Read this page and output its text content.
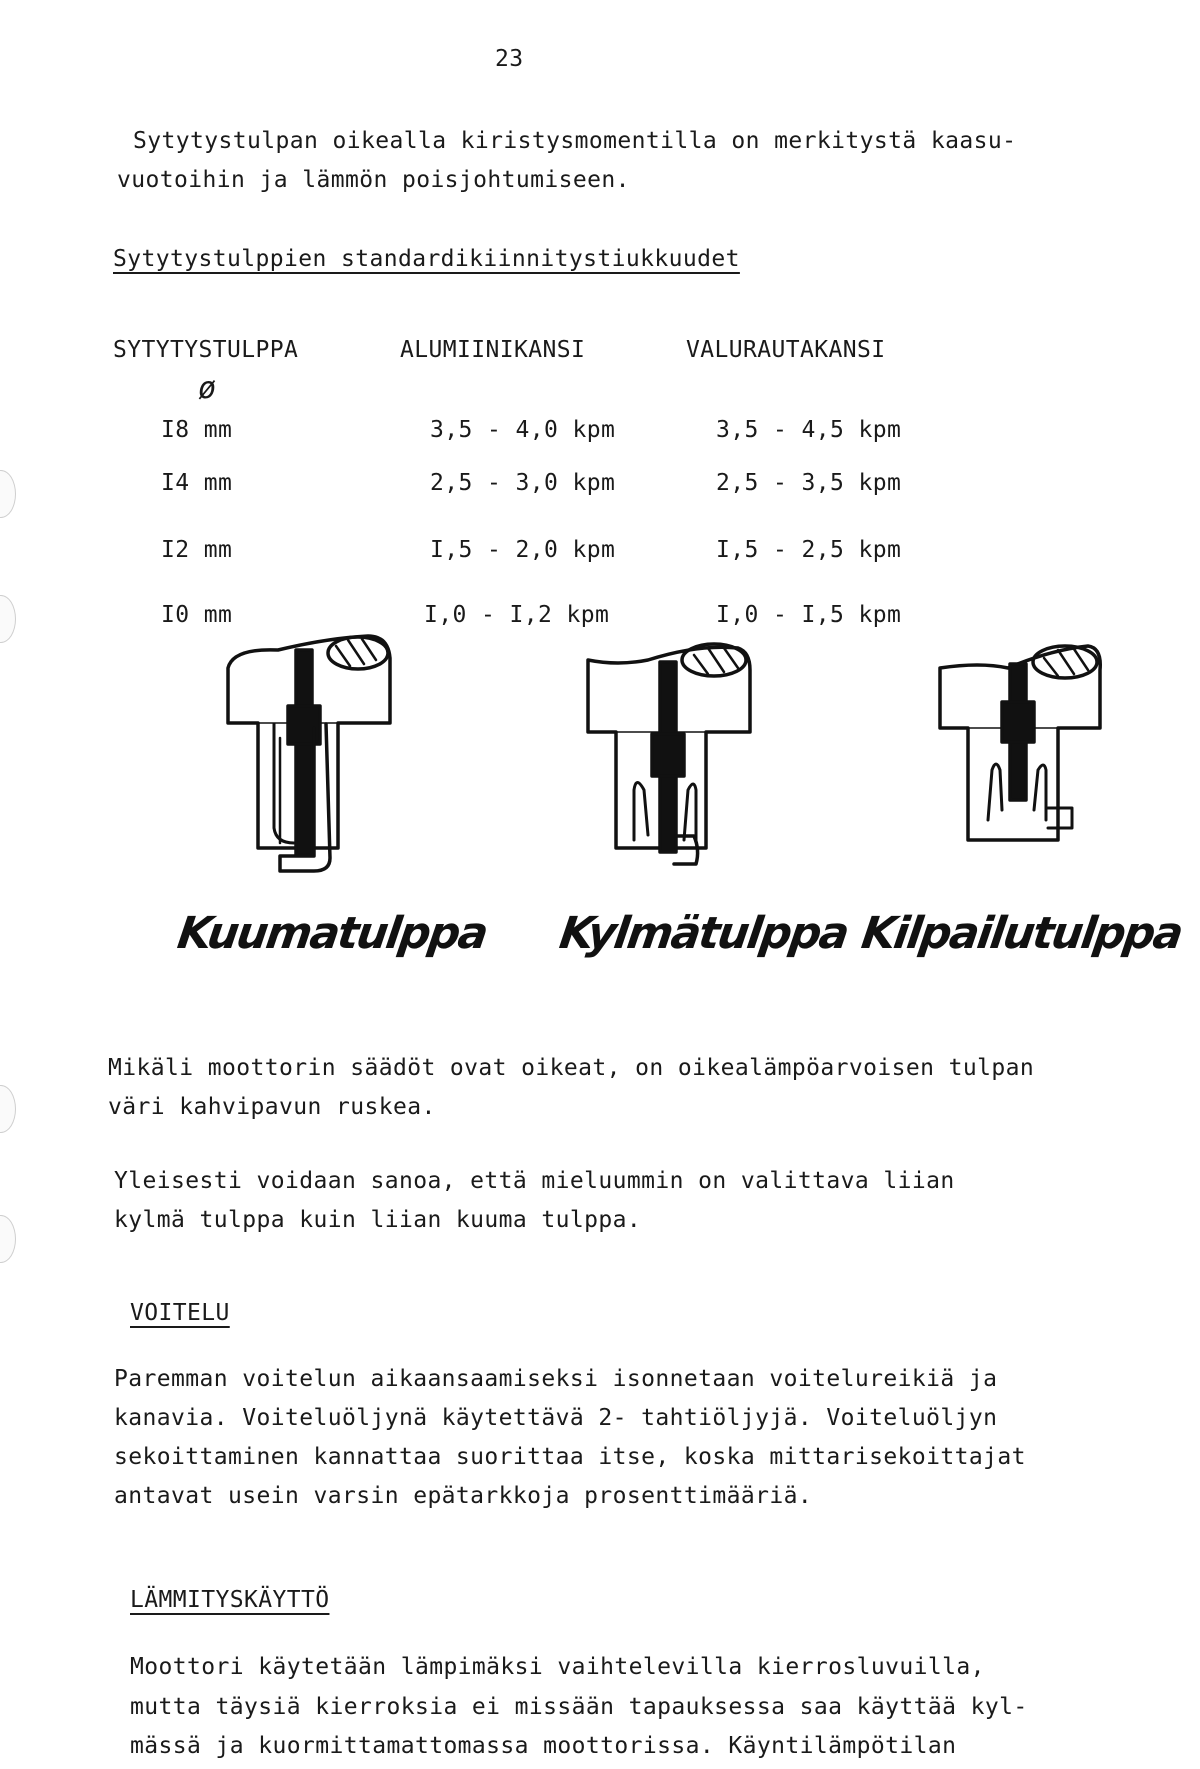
23
Sytytystulpan oikealla kiristysmomentilla on merkitystä kaasu-
vuotoihin ja lämmön poisjohtumiseen.
Sytytystulppien standardikiinnitystiukkuudet
SYTYTYSTULPPA	ALUMIINIKANSI	VALURAUTAKANSI
ø
I8 mm	3,5 - 4,0 kpm	3,5 - 4,5 kpm
I4 mm	2,5 - 3,0 kpm	2,5 - 3,5 kpm
I2 mm	I,5 - 2,0 kpm	I,5 - 2,5 kpm
I0 mm	I,0 - I,2 kpm	I,0 - I,5 kpm
Kuumatulppa Kylmätulppa Kilpailutulppa
Mikäli moottorin säädöt ovat oikeat, on oikealämpöarvoisen tulpan
väri kahvipavun ruskea.
Yleisesti voidaan sanoa, että mieluummin on valittava liian
kylmä tulppa kuin liian kuuma tulppa.
VOITELU
Paremman voitelun aikaansaamiseksi isonnetaan voitelureikiä ja
kanavia. Voiteluöljynä käytettävä 2- tahtiöljyjä. Voiteluöljyn
sekoittaminen kannattaa suorittaa itse, koska mittarisekoittajat
antavat usein varsin epätarkkoja prosenttimääriä.
LÄMMITYSKÄYTTÖ
Moottori käytetään lämpimäksi vaihtelevilla kierrosluvuilla,
mutta täysiä kierroksia ei missään tapauksessa saa käyttää kyl-
mässä ja kuormittamattomassa moottorissa. Käyntilämpötilan
